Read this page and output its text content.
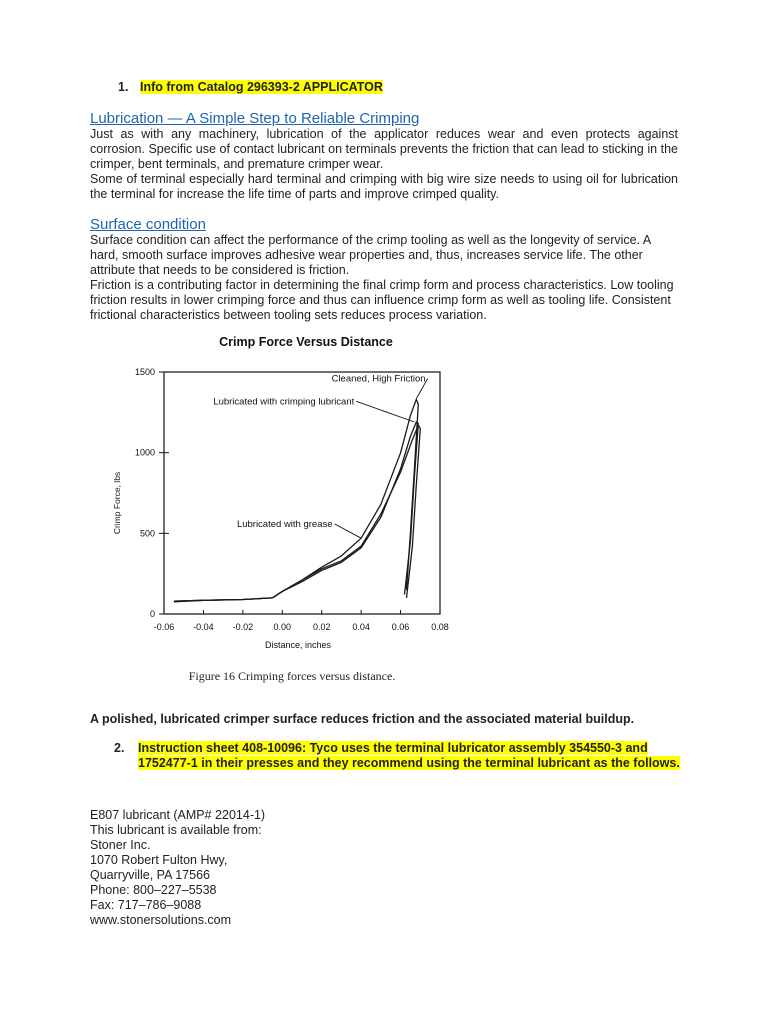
1. Info from Catalog 296393-2 APPLICATOR
Lubrication — A Simple Step to Reliable Crimping

Just as with any machinery, lubrication of the applicator reduces wear and even protects against corrosion. Specific use of contact lubricant on terminals prevents the friction that can lead to sticking in the crimper, bent terminals, and premature crimper wear.

Some of terminal especially hard terminal and crimping with big wire size needs to using oil for lubrication the terminal for increase the life time of parts and improve crimped quality.

Surface condition

Surface condition can affect the performance of the crimp tooling as well as the longevity of service. A hard, smooth surface improves adhesive wear properties and, thus, increases service life. The other attribute that needs to be considered is friction.

Friction is a contributing factor in determining the final crimp form and process characteristics. Low tooling friction results in lower crimping force and thus can influence crimp form as well as tooling life. Consistent frictional characteristics between tooling sets reduces process variation.

Crimp Force Versus Distance
-0.06 -0.04 -0.02 0.00 0.02 0.04 0.06 0.08
0
500
1000
1500
Distance, inches
Crimp Force, lbs
Cleaned, High Friction
Lubricated with crimping lubricant
Lubricated with grease
Figure 16 Crimping forces versus distance.
A polished, lubricated crimper surface reduces friction and the associated material buildup.
2. Instruction sheet 408-10096: Tyco uses the terminal lubricator assembly 354550-3 and 1752477-1 in their presses and they recommend using the terminal lubricant as the follows.
E807 lubricant (AMP# 22014-1)
This lubricant is available from:
Stoner Inc.
1070 Robert Fulton Hwy,
Quarryville, PA 17566
Phone: 800–227–5538
Fax: 717–786–9088
www.stonersolutions.com
